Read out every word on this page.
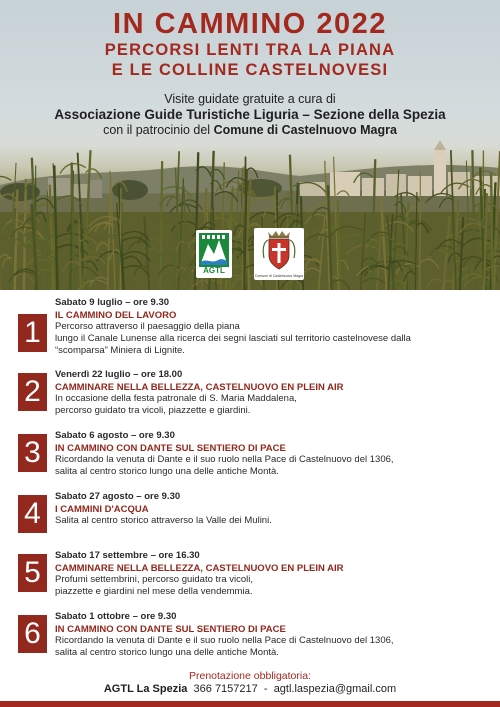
IN CAMMINO 2022
PERCORSI LENTI TRA LA PIANA
E LE COLLINE CASTELNOVESI
Visite guidate gratuite a cura di
Associazione Guide Turistiche Liguria – Sezione della Spezia
con il patrocinio del Comune di Castelnuovo Magra
AGTL
Comune di Castelnuovo Magra
1
Sabato 9 luglio – ore 9.30
IL CAMMINO DEL LAVORO
Percorso attraverso il paesaggio della piana
lungo il Canale Lunense alla ricerca dei segni lasciati sul territorio castelnovese dalla
“scomparsa” Miniera di Lignite.
2
Venerdì 22 luglio – ore 18.00
CAMMINARE NELLA BELLEZZA, CASTELNUOVO EN PLEIN AIR
In occasione della festa patronale di S. Maria Maddalena,
percorso guidato tra vicoli, piazzette e giardini.
3
Sabato 6 agosto – ore 9.30
IN CAMMINO CON DANTE SUL SENTIERO DI PACE
Ricordando la venuta di Dante e il suo ruolo nella Pace di Castelnuovo del 1306,
salita al centro storico lungo una delle antiche Montà.
4
Sabato 27 agosto – ore 9.30
I CAMMINI D'ACQUA
Salita al centro storico attraverso la Valle dei Mulini.
5
Sabato 17 settembre – ore 16.30
CAMMINARE NELLA BELLEZZA, CASTELNUOVO EN PLEIN AIR
Profumi settembrini, percorso guidato tra vicoli,
piazzette e giardini nel mese della vendemmia.
6
Sabato 1 ottobre – ore 9.30
IN CAMMINO CON DANTE SUL SENTIERO DI PACE
Ricordando la venuta di Dante e il suo ruolo nella Pace di Castelnuovo del 1306,
salita al centro storico lungo una delle antiche Montà.
Prenotazione obbligatoria:
AGTL La Spezia 366 7157217 - agtl.laspezia@gmail.com
